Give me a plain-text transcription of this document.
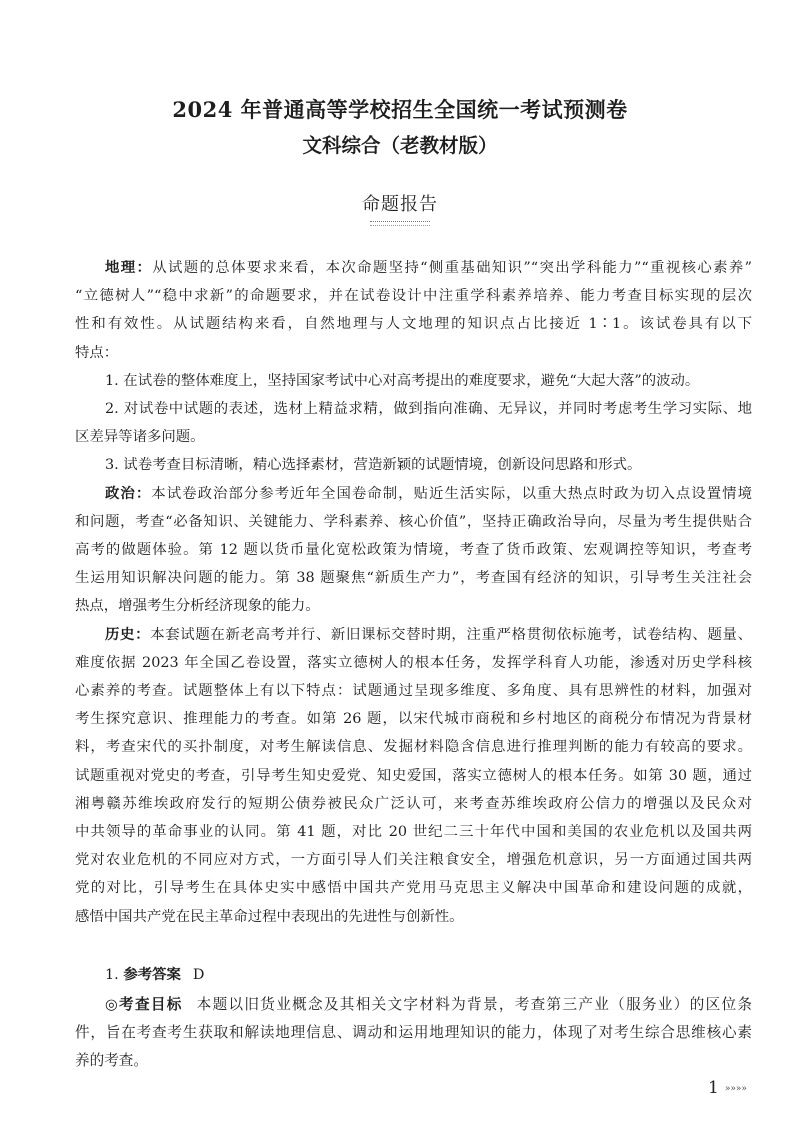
2024 年普通高等学校招生全国统一考试预测卷
文科综合（老教材版）
命题报告
地理：从试题的总体要求来看，本次命题坚持“侧重基础知识”“突出学科能力”“重视核心素养”
“立德树人”“稳中求新”的命题要求，并在试卷设计中注重学科素养培养、能力考查目标实现的层次
性和有效性。从试题结构来看，自然地理与人文地理的知识点占比接近 1∶1。该试卷具有以下
特点：
1. 在试卷的整体难度上，坚持国家考试中心对高考提出的难度要求，避免“大起大落”的波动。
2. 对试卷中试题的表述，选材上精益求精，做到指向准确、无异议，并同时考虑考生学习实际、地
区差异等诸多问题。
3. 试卷考查目标清晰，精心选择素材，营造新颖的试题情境，创新设问思路和形式。
政治：本试卷政治部分参考近年全国卷命制，贴近生活实际，以重大热点时政为切入点设置情境
和问题，考查“必备知识、关键能力、学科素养、核心价值”，坚持正确政治导向，尽量为考生提供贴合
高考的做题体验。第 12 题以货币量化宽松政策为情境，考查了货币政策、宏观调控等知识，考查考
生运用知识解决问题的能力。第 38 题聚焦“新质生产力”，考查国有经济的知识，引导考生关注社会
热点，增强考生分析经济现象的能力。
历史：本套试题在新老高考并行、新旧课标交替时期，注重严格贯彻依标施考，试卷结构、题量、
难度依据 2023 年全国乙卷设置，落实立德树人的根本任务，发挥学科育人功能，渗透对历史学科核
心素养的考查。试题整体上有以下特点：试题通过呈现多维度、多角度、具有思辨性的材料，加强对
考生探究意识、推理能力的考查。如第 26 题，以宋代城市商税和乡村地区的商税分布情况为背景材
料，考查宋代的买扑制度，对考生解读信息、发掘材料隐含信息进行推理判断的能力有较高的要求。
试题重视对党史的考查，引导考生知史爱党、知史爱国，落实立德树人的根本任务。如第 30 题，通过
湘粤赣苏维埃政府发行的短期公债券被民众广泛认可，来考查苏维埃政府公信力的增强以及民众对
中共领导的革命事业的认同。第 41 题，对比 20 世纪二三十年代中国和美国的农业危机以及国共两
党对农业危机的不同应对方式，一方面引导人们关注粮食安全，增强危机意识，另一方面通过国共两
党的对比，引导考生在具体史实中感悟中国共产党用马克思主义解决中国革命和建设问题的成就，
感悟中国共产党在民主革命过程中表现出的先进性与创新性。
1. 参考答案 D
◎考查目标 本题以旧货业概念及其相关文字材料为背景，考查第三产业（服务业）的区位条
件，旨在考查考生获取和解读地理信息、调动和运用地理知识的能力，体现了对考生综合思维核心素
养的考查。
1 »»»»
